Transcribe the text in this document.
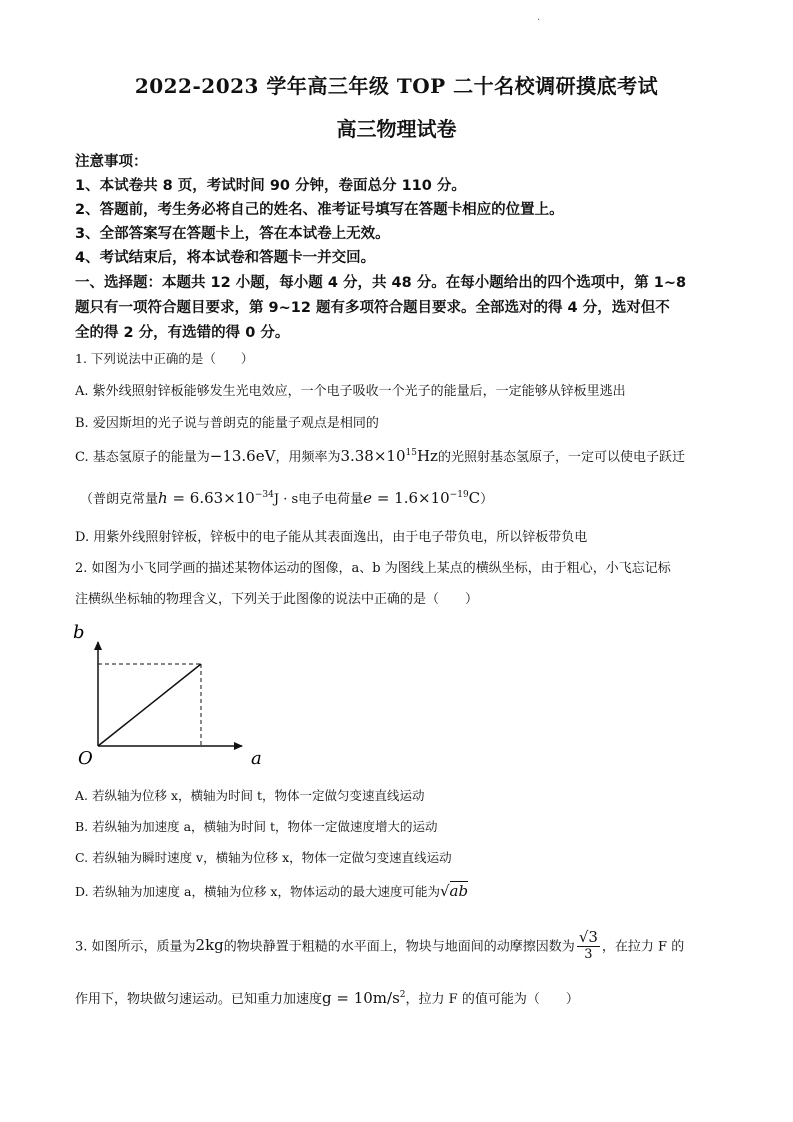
.
2022-2023 学年高三年级 TOP 二十名校调研摸底考试
高三物理试卷
注意事项：
1、本试卷共 8 页，考试时间 90 分钟，卷面总分 110 分。
2、答题前，考生务必将自己的姓名、准考证号填写在答题卡相应的位置上。
3、全部答案写在答题卡上，答在本试卷上无效。
4、考试结束后，将本试卷和答题卡一并交回。
一、选择题：本题共 12 小题，每小题 4 分，共 48 分。在每小题给出的四个选项中，第 1~8
题只有一项符合题目要求，第 9~12 题有多项符合题目要求。全部选对的得 4 分，选对但不
全的得 2 分，有选错的得 0 分。
1. 下列说法中正确的是（　　）
A. 紫外线照射锌板能够发生光电效应，一个电子吸收一个光子的能量后，一定能够从锌板里逃出
B. 爱因斯坦的光子说与普朗克的能量子观点是相同的
C. 基态氢原子的能量为−13.6eV，用频率为$3.38\times 10^{15}Hz$的光照射基态氢原子，一定可以使电子跃迁
（普朗克常量$h = 6.63\times 10^{-34}J \cdot s$电子电荷量$e = 1.6\times 10^{-19}C$）
D. 用紫外线照射锌板，锌板中的电子能从其表面逸出，由于电子带负电，所以锌板带负电
2. 如图为小飞同学画的描述某物体运动的图像，a、b 为图线上某点的横纵坐标，由于粗心，小飞忘记标
注横纵坐标轴的物理含义，下列关于此图像的说法中正确的是（　　）
b
a
O
A. 若纵轴为位移 x，横轴为时间 t，物体一定做匀变速直线运动
B. 若纵轴为加速度 a，横轴为时间 t，物体一定做速度增大的运动
C. 若纵轴为瞬时速度 v，横轴为位移 x，物体一定做匀变速直线运动
D. 若纵轴为加速度 a，横轴为位移 x，物体运动的最大速度可能为√ab
3. 如图所示，质量为2kg的物块静置于粗糙的水平面上，物块与地面间的动摩擦因数为 $\frac{√3}{3}$ ，在拉力 F 的
作用下，物块做匀速运动。已知重力加速度$g = 10m/s^2$，拉力 F 的值可能为（　　）
